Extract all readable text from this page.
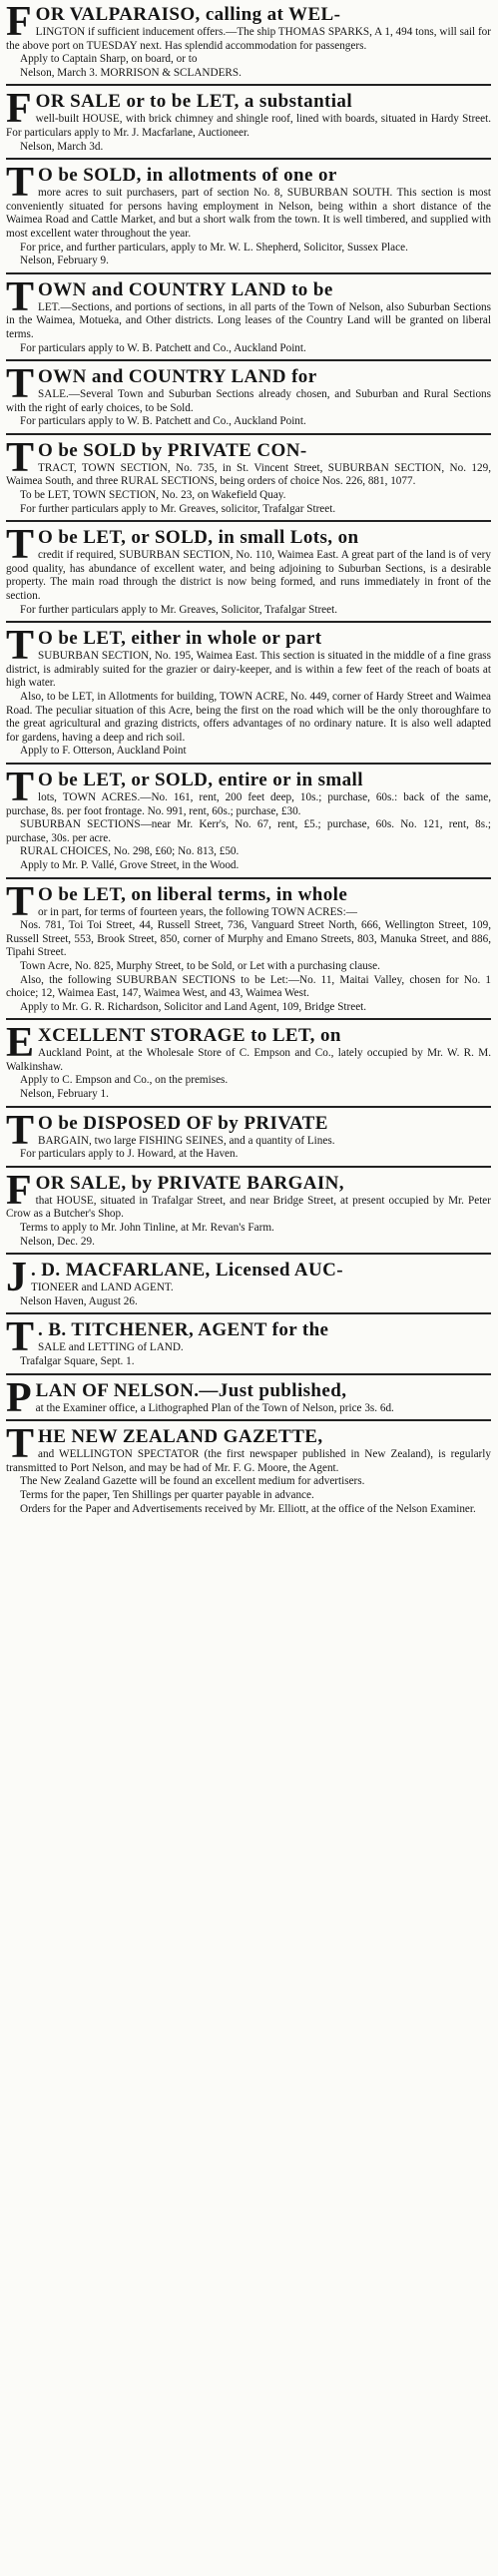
F OR VALPARAISO, calling at WEL-

LINGTON if sufficient inducement offers.—The ship THOMAS SPARKS, A 1, 494 tons, will sail for the above port on TUESDAY next. Has splendid accommodation for passengers.

Apply to Captain Sharp, on board, or to

Nelson, March 3. MORRISON & SCLANDERS.

F OR SALE or to be LET, a substantial

well-built HOUSE, with brick chimney and shingle roof, lined with boards, situated in Hardy Street. For particulars apply to Mr. J. Macfarlane, Auctioneer.

Nelson, March 3d.

T O be SOLD, in allotments of one or

more acres to suit purchasers, part of section No. 8, SUBURBAN SOUTH. This section is most conveniently situated for persons having employment in Nelson, being within a short distance of the Waimea Road and Cattle Market, and but a short walk from the town. It is well timbered, and supplied with most excellent water throughout the year.

For price, and further particulars, apply to Mr. W. L. Shepherd, Solicitor, Sussex Place.

Nelson, February 9.

T OWN and COUNTRY LAND to be

LET.—Sections, and portions of sections, in all parts of the Town of Nelson, also Suburban Sections in the Waimea, Motueka, and Other districts. Long leases of the Country Land will be granted on liberal terms.

For particulars apply to W. B. Patchett and Co., Auckland Point.

T OWN and COUNTRY LAND for

SALE.—Several Town and Suburban Sections already chosen, and Suburban and Rural Sections with the right of early choices, to be Sold.

For particulars apply to W. B. Patchett and Co., Auckland Point.

T O be SOLD by PRIVATE CON-

TRACT, TOWN SECTION, No. 735, in St. Vincent Street, SUBURBAN SECTION, No. 129, Waimea South, and three RURAL SECTIONS, being orders of choice Nos. 226, 881, 1077.

To be LET, TOWN SECTION, No. 23, on Wakefield Quay.

For further particulars apply to Mr. Greaves, solicitor, Trafalgar Street.

T O be LET, or SOLD, in small Lots, on

credit if required, SUBURBAN SECTION, No. 110, Waimea East. A great part of the land is of very good quality, has abundance of excellent water, and being adjoining to Suburban Sections, is a desirable property. The main road through the district is now being formed, and runs immediately in front of the section.

For further particulars apply to Mr. Greaves, Solicitor, Trafalgar Street.

T O be LET, either in whole or part

SUBURBAN SECTION, No. 195, Waimea East. This section is situated in the middle of a fine grass district, is admirably suited for the grazier or dairy-keeper, and is within a few feet of the reach of boats at high water.

Also, to be LET, in Allotments for building, TOWN ACRE, No. 449, corner of Hardy Street and Waimea Road. The peculiar situation of this Acre, being the first on the road which will be the only thoroughfare to the great agricultural and grazing districts, offers advantages of no ordinary nature. It is also well adapted for gardens, having a deep and rich soil.

Apply to F. Otterson, Auckland Point

T O be LET, or SOLD, entire or in small

lots, TOWN ACRES.—No. 161, rent, 200 feet deep, 10s.; purchase, 60s.: back of the same, purchase, 8s. per foot frontage. No. 991, rent, 60s.; purchase, £30.

SUBURBAN SECTIONS—near Mr. Kerr's, No. 67, rent, £5.; purchase, 60s. No. 121, rent, 8s.; purchase, 30s. per acre.

RURAL CHOICES, No. 298, £60; No. 813, £50.

Apply to Mr. P. Vallé, Grove Street, in the Wood.

T O be LET, on liberal terms, in whole

or in part, for terms of fourteen years, the following TOWN ACRES:—

Nos. 781, Toi Toi Street, 44, Russell Street, 736, Vanguard Street North, 666, Wellington Street, 109, Russell Street, 553, Brook Street, 850, corner of Murphy and Emano Streets, 803, Manuka Street, and 886, Tipahi Street.

Town Acre, No. 825, Murphy Street, to be Sold, or Let with a purchasing clause.

Also, the following SUBURBAN SECTIONS to be Let:—No. 11, Maitai Valley, chosen for No. 1 choice; 12, Waimea East, 147, Waimea West, and 43, Waimea West.

Apply to Mr. G. R. Richardson, Solicitor and Land Agent, 109, Bridge Street.

E XCELLENT STORAGE to LET, on

Auckland Point, at the Wholesale Store of C. Empson and Co., lately occupied by Mr. W. R. M. Walkinshaw.

Apply to C. Empson and Co., on the premises.

Nelson, February 1.

T O be DISPOSED OF by PRIVATE

BARGAIN, two large FISHING SEINES, and a quantity of Lines.

For particulars apply to J. Howard, at the Haven.

F OR SALE, by PRIVATE BARGAIN,

that HOUSE, situated in Trafalgar Street, and near Bridge Street, at present occupied by Mr. Peter Crow as a Butcher's Shop.

Terms to apply to Mr. John Tinline, at Mr. Revan's Farm.

Nelson, Dec. 29.

J . D. MACFARLANE, Licensed AUC-

TIONEER and LAND AGENT.

Nelson Haven, August 26.

T . B. TITCHENER, AGENT for the

SALE and LETTING of LAND.

Trafalgar Square, Sept. 1.

P LAN OF NELSON.—Just published,

at the Examiner office, a Lithographed Plan of the Town of Nelson, price 3s. 6d.

T HE NEW ZEALAND GAZETTE,

and WELLINGTON SPECTATOR (the first newspaper published in New Zealand), is regularly transmitted to Port Nelson, and may be had of Mr. F. G. Moore, the Agent.

The New Zealand Gazette will be found an excellent medium for advertisers.

Terms for the paper, Ten Shillings per quarter payable in advance.

Orders for the Paper and Advertisements received by Mr. Elliott, at the office of the Nelson Examiner.
